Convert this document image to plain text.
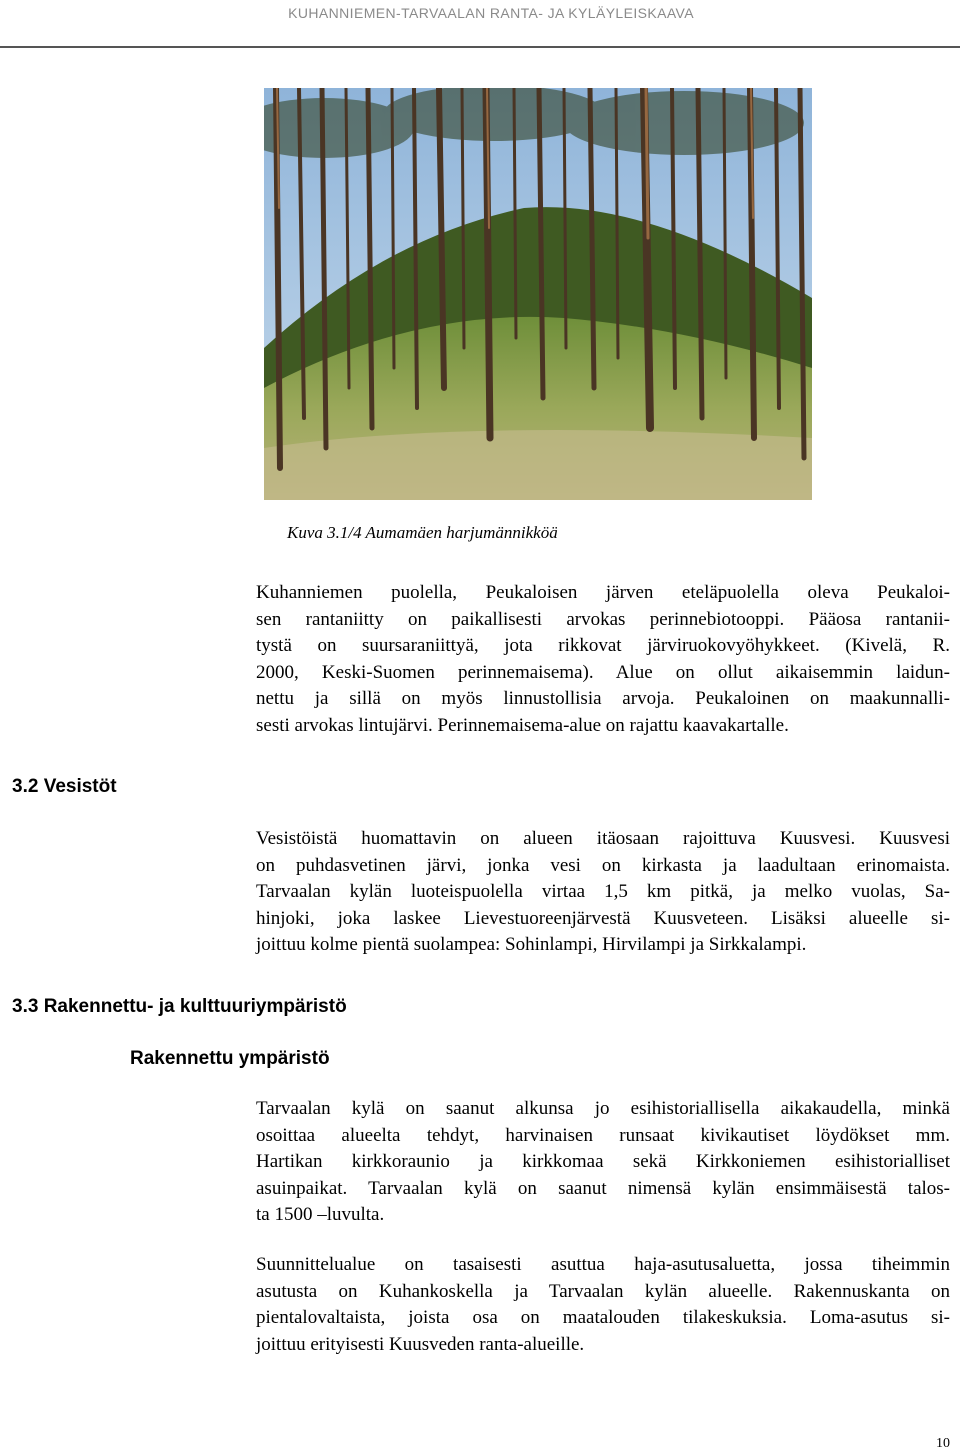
KUHANNIEMEN-TARVAALAN RANTA- JA KYLÄYLEISKAAVA
Kuva 3.1/4 Aumamäen harjumännikköä
Kuhanniemen puolella, Peukaloisen järven eteläpuolella oleva Peukaloi-
sen rantaniitty on paikallisesti arvokas perinnebiotooppi. Pääosa rantanii-
tystä on suursaraniittyä, jota rikkovat järviruokovyöhykkeet. (Kivelä, R.
2000, Keski-Suomen perinnemaisema). Alue on ollut aikaisemmin laidun-
nettu ja sillä on myös linnustollisia arvoja. Peukaloinen on maakunnalli-
sesti arvokas lintujärvi. Perinnemaisema-alue on rajattu kaavakartalle.
3.2 Vesistöt
Vesistöistä huomattavin on alueen itäosaan rajoittuva Kuusvesi. Kuusvesi
on puhdasvetinen järvi, jonka vesi on kirkasta ja laadultaan erinomaista.
Tarvaalan kylän luoteispuolella virtaa 1,5 km pitkä, ja melko vuolas, Sa-
hinjoki, joka laskee Lievestuoreenjärvestä Kuusveteen. Lisäksi alueelle si-
joittuu kolme pientä suolampea: Sohinlampi, Hirvilampi ja Sirkkalampi.
3.3 Rakennettu- ja kulttuuriympäristö
Rakennettu ympäristö
Tarvaalan kylä on saanut alkunsa jo esihistoriallisella aikakaudella, minkä
osoittaa alueelta tehdyt, harvinaisen runsaat kivikautiset löydökset mm.
Hartikan kirkkoraunio ja kirkkomaa sekä Kirkkoniemen esihistorialliset
asuinpaikat. Tarvaalan kylä on saanut nimensä kylän ensimmäisestä talos-
ta 1500 –luvulta.
Suunnittelualue on tasaisesti asuttua haja-asutusaluetta, jossa tiheimmin
asutusta on Kuhankoskella ja Tarvaalan kylän alueelle. Rakennuskanta on
pientalovaltaista, joista osa on maatalouden tilakeskuksia. Loma-asutus si-
joittuu erityisesti Kuusveden ranta-alueille.
10
